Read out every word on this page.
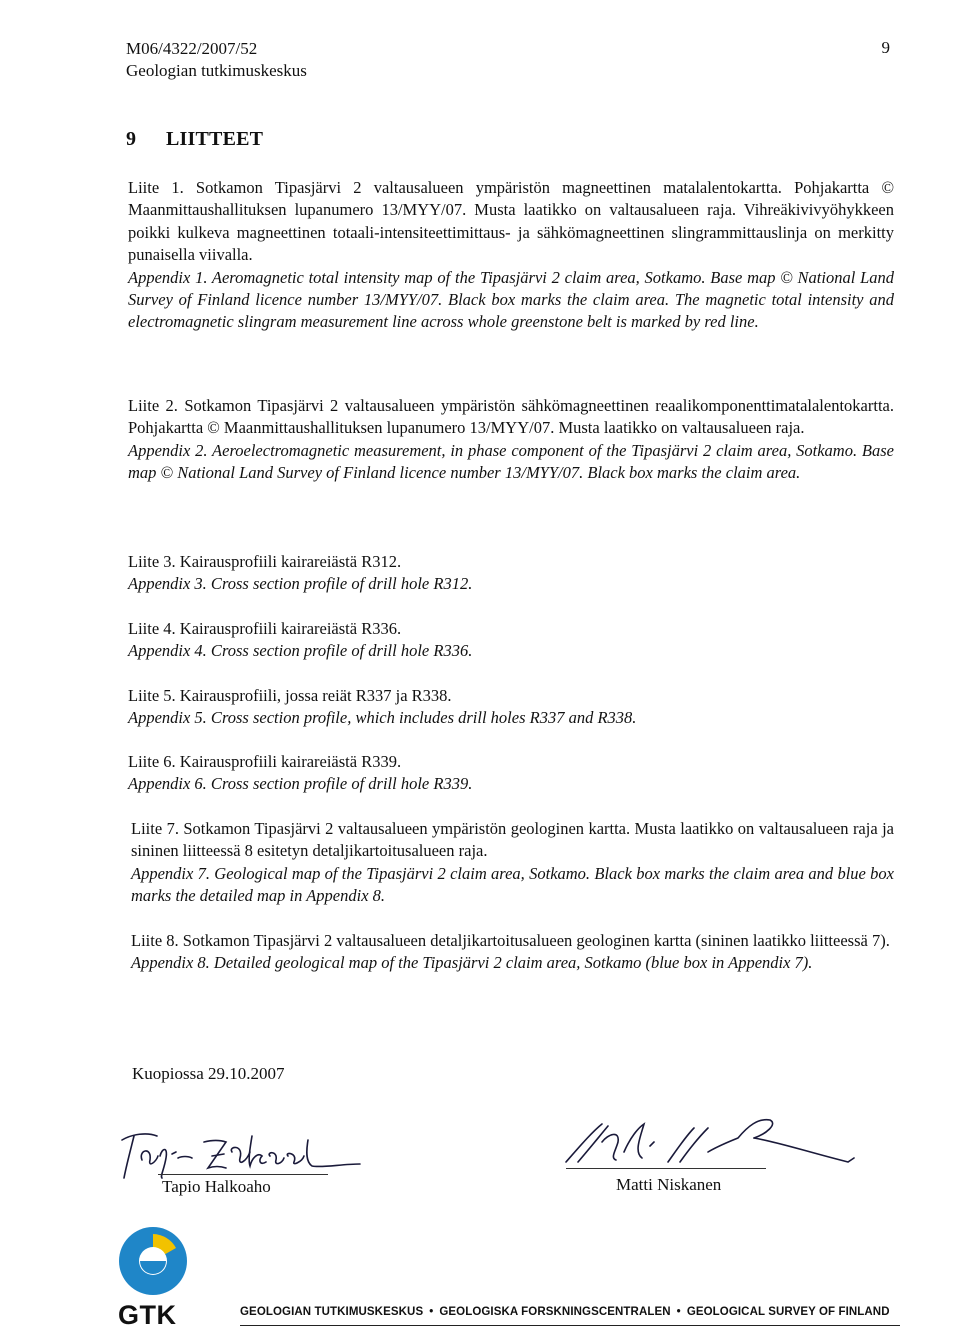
M06/4322/2007/52
Geologian tutkimuskeskus
9
9 LIITTEET

Liite 1. Sotkamon Tipasjärvi 2 valtausalueen ympäristön magneettinen matalalentokartta. Pohjakartta © Maanmittaushallituksen lupanumero 13/MYY/07. Musta laatikko on valtausalueen raja. Vihreäkivivyöhykkeen poikki kulkeva magneettinen totaali-intensiteettimittaus- ja sähkömagneettinen slingrammittauslinja on merkitty punaisella viivalla.

Appendix 1. Aeromagnetic total intensity map of the Tipasjärvi 2 claim area, Sotkamo. Base map © National Land Survey of Finland licence number 13/MYY/07. Black box marks the claim area. The magnetic total intensity and electromagnetic slingram measurement line across whole greenstone belt is marked by red line.

Liite 2. Sotkamon Tipasjärvi 2 valtausalueen ympäristön sähkömagneettinen reaalikomponenttimatalalentokartta. Pohjakartta © Maanmittaushallituksen lupanumero 13/MYY/07. Musta laatikko on valtausalueen raja.

Appendix 2. Aeroelectromagnetic measurement, in phase component of the Tipasjärvi 2 claim area, Sotkamo. Base map © National Land Survey of Finland licence number 13/MYY/07. Black box marks the claim area.

Liite 3. Kairausprofiili kairareiästä R312.

Appendix 3. Cross section profile of drill hole R312.

Liite 4. Kairausprofiili kairareiästä R336.

Appendix 4. Cross section profile of drill hole R336.

Liite 5. Kairausprofiili, jossa reiät R337 ja R338.

Appendix 5. Cross section profile, which includes drill holes R337 and R338.

Liite 6. Kairausprofiili kairareiästä R339.

Appendix 6. Cross section profile of drill hole R339.

Liite 7. Sotkamon Tipasjärvi 2 valtausalueen ympäristön geologinen kartta. Musta laatikko on valtausalueen raja ja sininen liitteessä 8 esitetyn detaljikartoitusalueen raja.

Appendix 7. Geological map of the Tipasjärvi 2 claim area, Sotkamo. Black box marks the claim area and blue box marks the detailed map in Appendix 8.

Liite 8. Sotkamon Tipasjärvi 2 valtausalueen detaljikartoitusalueen geologinen kartta (sininen laatikko liitteessä 7).

Appendix 8. Detailed geological map of the Tipasjärvi 2 claim area, Sotkamo (blue box in Appendix 7).

Kuopiossa 29.10.2007
Tapio Halkoaho	Matti Niskanen
GTK	GEOLOGIAN TUTKIMUSKESKUS • GEOLOGISKA FORSKNINGSCENTRALEN • GEOLOGICAL SURVEY OF FINLAND
